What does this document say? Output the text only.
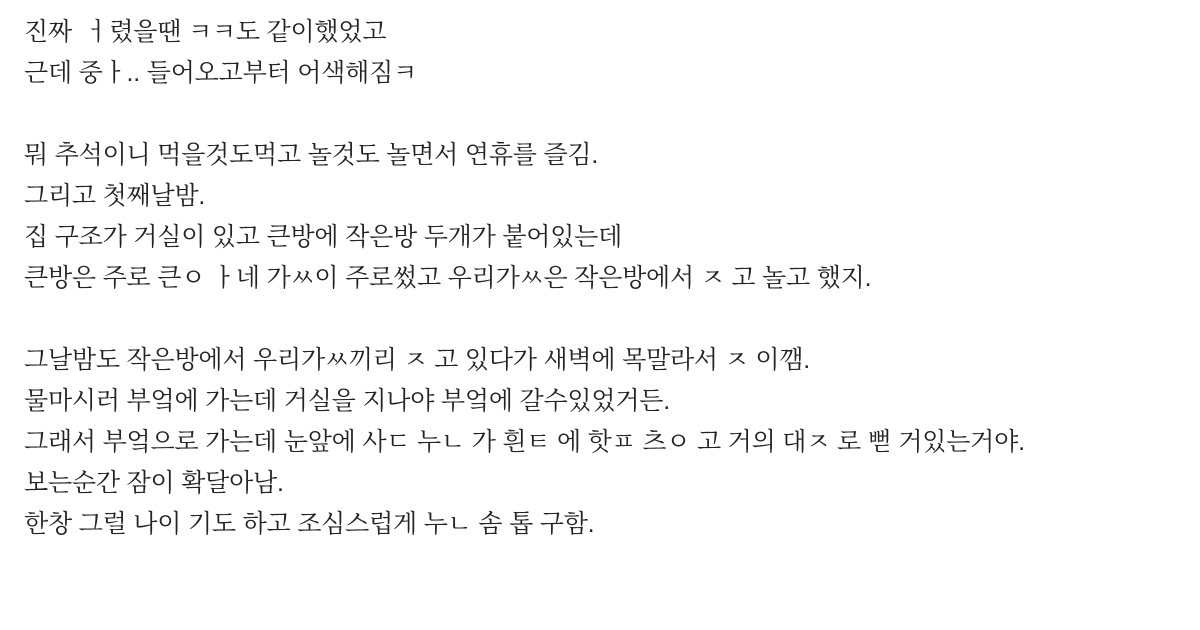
진짜  ㅓ렸을땐 ㅋㅋ도 같이했었고
근데 중ㅏ.. 들어오고부터 어색해짐ㅋ
뭐 추석이니 먹을것도먹고 놀것도 놀면서 연휴를 즐김.
그리고 첫째날밤.
집 구조가 거실이 있고 큰방에 작은방 두개가 붙어있는데
큰방은 주로 큰ㅇ ㅏ네 가ㅆ이 주로썼고 우리가ㅆ은 작은방에서 ㅈ 고 놀고 했지.
그날밤도 작은방에서 우리가ㅆ끼리 ㅈ 고 있다가 새벽에 목말라서 ㅈ 이깸.
물마시러 부엌에 가는데 거실을 지나야 부엌에 갈수있었거든.
그래서 부엌으로 가는데 눈앞에 사ㄷ 누ㄴ 가 흰ㅌ 에 핫ㅍ 츠ㅇ 고 거의 대ㅈ 로 뻗 거있는거야.
보는순간 잠이 확달아남.
한창 그럴 나이 기도 하고 조심스럽게 누ㄴ 솜 톱 구함.
